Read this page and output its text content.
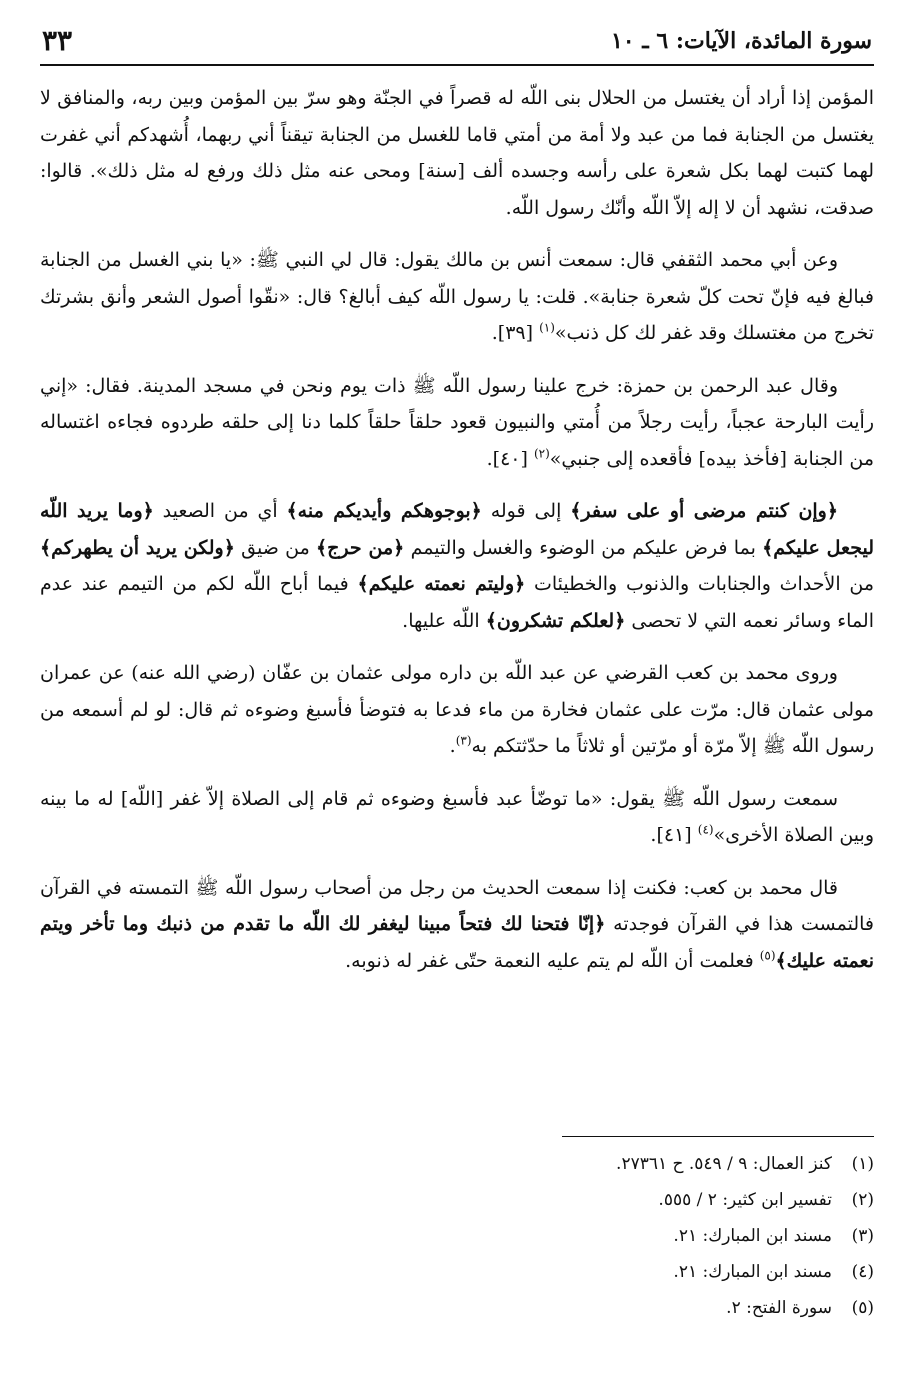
سورة المائدة، الآيات: ٦ ـ ١٠
٣٣

المؤمن إذا أراد أن يغتسل من الحلال بنى اللّه له قصراً في الجنّة وهو سرّ بين المؤمن وبين ربه، والمنافق لا يغتسل من الجنابة فما من عبد ولا أمة من أمتي قاما للغسل من الجنابة تيقناً أني ربهما، أُشهدكم أني غفرت لهما كتبت لهما بكل شعرة على رأسه وجسده ألف [سنة] ومحى عنه مثل ذلك ورفع له مثل ذلك». قالوا: صدقت، نشهد أن لا إله إلاّ اللّه وأنّك رسول اللّه.

وعن أبي محمد الثقفي قال: سمعت أنس بن مالك يقول: قال لي النبي ﷺ: «يا بني الغسل من الجنابة فبالغ فيه فإنّ تحت كلّ شعرة جنابة». قلت: يا رسول اللّه كيف أبالغ؟ قال: «نقّوا أصول الشعر وأنق بشرتك تخرج من مغتسلك وقد غفر لك كل ذنب»$^{(١)}$ [٣٩].

وقال عبد الرحمن بن حمزة: خرج علينا رسول اللّه ﷺ ذات يوم ونحن في مسجد المدينة. فقال: «إني رأيت البارحة عجباً، رأيت رجلاً من أُمتي والنبيون قعود حلقاً حلقاً كلما دنا إلى حلقه طردوه فجاءه اغتساله من الجنابة [فأخذ بيده] فأقعده إلى جنبي»$^{(٢)}$ [٤٠].

﴿وإن كنتم مرضى أو على سفر﴾ إلى قوله ﴿بوجوهكم وأيديكم منه﴾ أي من الصعيد ﴿وما يريد اللّه ليجعل عليكم﴾ بما فرض عليكم من الوضوء والغسل والتيمم ﴿من حرج﴾ من ضيق ﴿ولكن يريد أن يطهركم﴾ من الأحداث والجنابات والذنوب والخطيئات ﴿وليتم نعمته عليكم﴾ فيما أباح اللّه لكم من التيمم عند عدم الماء وسائر نعمه التي لا تحصى ﴿لعلكم تشكرون﴾ اللّه عليها.

وروى محمد بن كعب القرضي عن عبد اللّه بن داره مولى عثمان بن عفّان (رضي الله عنه) عن عمران مولى عثمان قال: مرّت على عثمان فخارة من ماء فدعا به فتوضأ فأسبغ وضوءه ثم قال: لو لم أسمعه من رسول اللّه ﷺ إلاّ مرّة أو مرّتين أو ثلاثاً ما حدّثتكم به$^{(٣)}$.

سمعت رسول اللّه ﷺ يقول: «ما توضّأ عبد فأسبغ وضوءه ثم قام إلى الصلاة إلاّ غفر [اللّه] له ما بينه وبين الصلاة الأخرى»$^{(٤)}$ [٤١].

قال محمد بن كعب: فكنت إذا سمعت الحديث من رجل من أصحاب رسول اللّه ﷺ التمسته في القرآن فالتمست هذا في القرآن فوجدته ﴿إنّا فتحنا لك فتحاً مبينا ليغفر لك اللّه ما تقدم من ذنبك وما تأخر ويتم نعمته عليك﴾$^{(٥)}$ فعلمت أن اللّه لم يتم عليه النعمة حتّى غفر له ذنوبه.

(١)كنز العمال: ٩ / ٥٤٩. ح ٢٧٣٦١.
(٢)تفسير ابن كثير: ٢ / ٥٥٥.
(٣)مسند ابن المبارك: ٢١.
(٤)مسند ابن المبارك: ٢١.
(٥)سورة الفتح: ٢.
